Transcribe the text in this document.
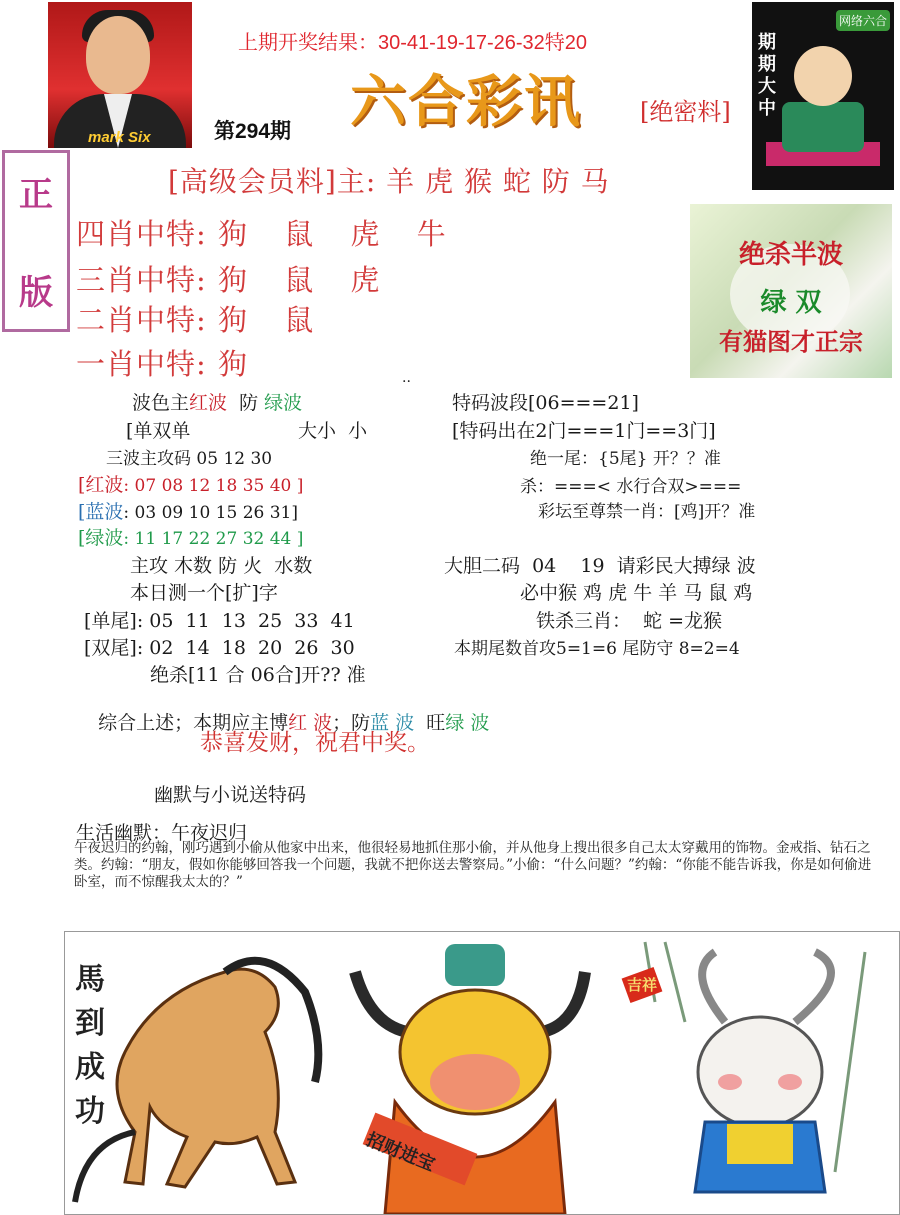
mark Six
上期开奖结果：30-41-19-17-26-32特20
六合彩讯 [绝密料]
第294期
期期大中
网络六合
正
版
[高级会员料]主: 羊 虎 猴 蛇 防 马
四肖中特: 狗 鼠 虎 牛
三肖中特: 狗 鼠 虎
二肖中特: 狗 鼠
一肖中特: 狗
绝杀半波
绿 双
有猫图才正宗
波色主红波  防 绿波
[单双单	大小  小
三波主攻码 05 12 30
[红波: 07 08 12 18 35 40 ]
[蓝波: 03 09 10 15 26 31]
[绿波: 11 17 22 27 32 44 ]
主攻 木数 防 火  水数
本日测一个[扩]字
[单尾]: 05  11  13  25  33  41
[双尾]: 02  14  18  20  26  30
绝杀[11 合 06合]开?? 准
..
特码波段[06===21]
[特码出在2门===1门==3门]
绝一尾：{5尾} 开？？准
杀：===< 水行合双>===
彩坛至尊禁一肖：[鸡]开？准
大胆二码  04    19  请彩民大搏绿 波
必中猴 鸡 虎 牛 羊 马 鼠 鸡
铁杀三肖：  蛇 =龙猴
本期尾数首攻5=1=6 尾防守 8=2=4

综合上述；本期应主博红 波；防蓝 波  旺绿 波

恭喜发财，祝君中奖。
幽默与小说送特码
生活幽默：午夜迟归
午夜迟归的约翰，刚巧遇到小偷从他家中出来，他很轻易地抓住那小偷，并从他身上搜出很多自己太太穿戴用的饰物。金戒指、钻石之类。约翰：“朋友，假如你能够回答我一个问题，我就不把你送去警察局。”小偷：“什么问题？”约翰：“你能不能告诉我，你是如何偷进卧室，而不惊醒我太太的？”
馬到成功
招财进宝
吉祥
